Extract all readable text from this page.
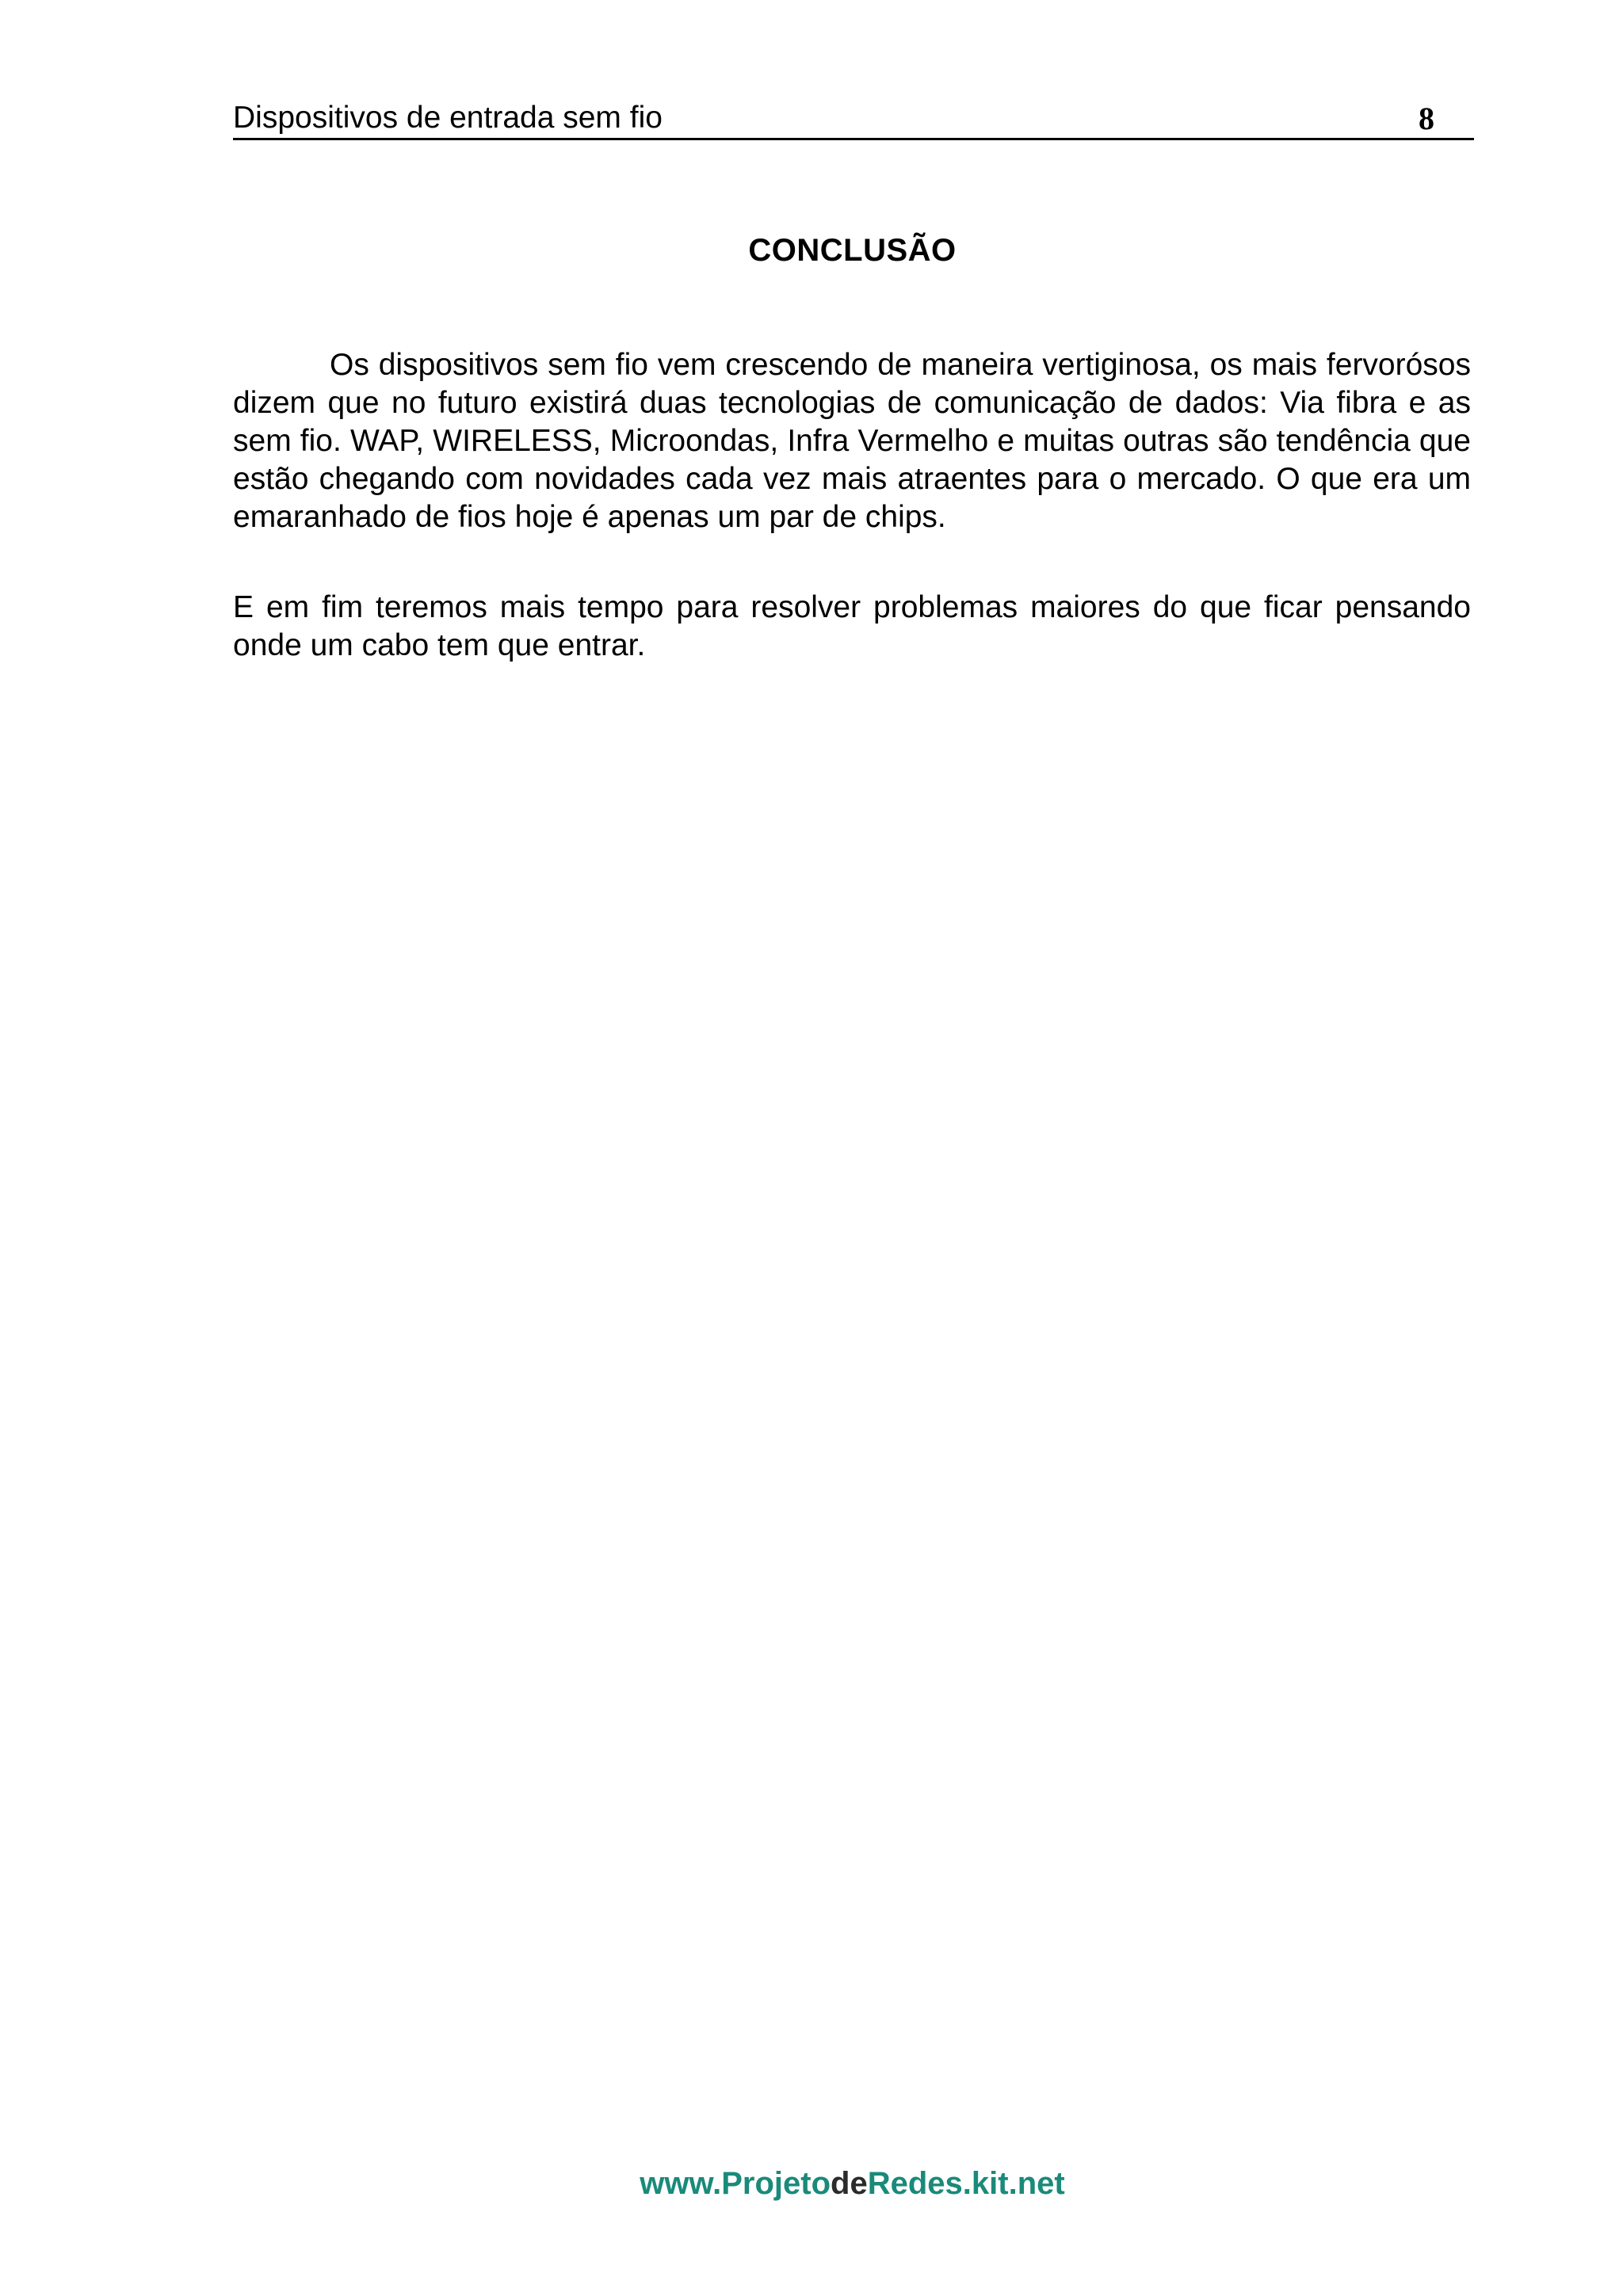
Dispositivos de entrada sem fio	8
CONCLUSÃO

Os dispositivos sem fio vem crescendo de maneira vertiginosa, os mais fervorósos dizem que no futuro existirá duas tecnologias de comunicação de dados: Via fibra e as sem fio. WAP, WIRELESS, Microondas, Infra Vermelho e muitas outras são tendência que estão chegando com novidades cada vez mais atraentes para o mercado. O que era um emaranhado de fios hoje é apenas um par de chips.

E em fim teremos mais tempo para resolver problemas maiores do que ficar pensando onde um cabo tem que entrar.

www.ProjetodeRedes.kit.net
